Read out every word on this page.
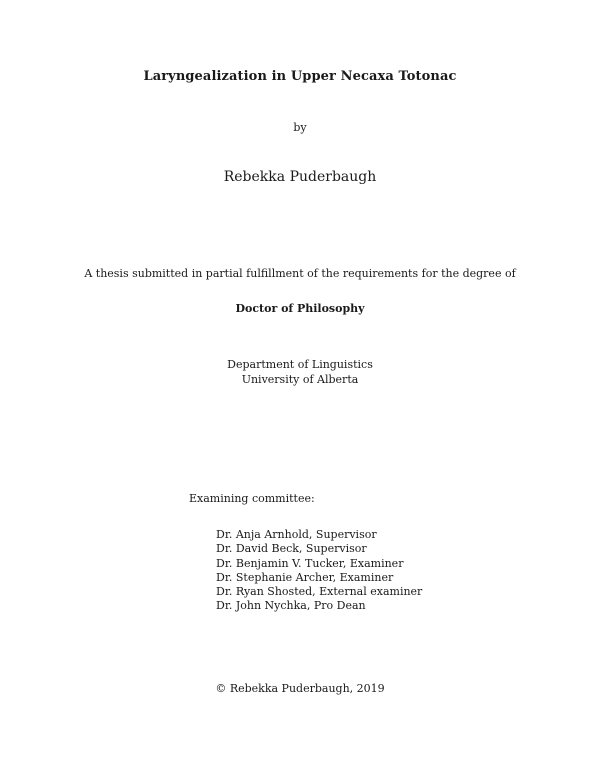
Laryngealization in Upper Necaxa Totonac
by
Rebekka Puderbaugh
A thesis submitted in partial fulfillment of the requirements for the degree of
Doctor of Philosophy
Department of Linguistics
University of Alberta
Examining committee:
Dr. Anja Arnhold, Supervisor
Dr. David Beck, Supervisor
Dr. Benjamin V. Tucker, Examiner
Dr. Stephanie Archer, Examiner
Dr. Ryan Shosted, External examiner
Dr. John Nychka, Pro Dean
© Rebekka Puderbaugh, 2019
